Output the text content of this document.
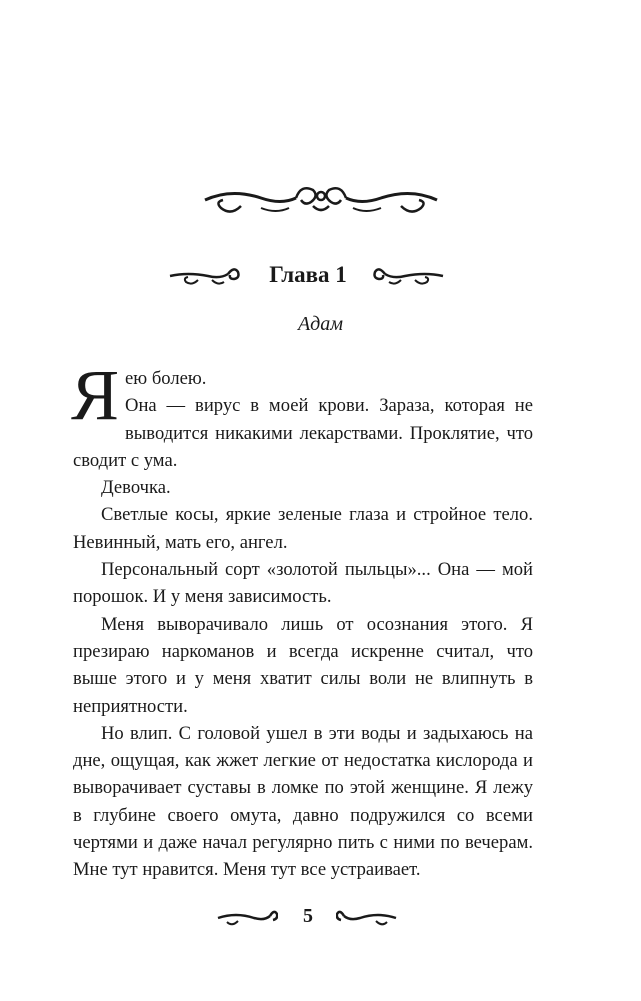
Глава 1
Адам

Яею болею.
Она — вирус в моей крови. Зараза, которая не выводится никакими лекарствами. Проклятие, что сводит с ума.

Девочка.

Светлые косы, яркие зеленые глаза и стройное тело. Невинный, мать его, ангел.

Персональный сорт «золотой пыльцы»... Она — мой порошок. И у меня зависимость.

Меня выворачивало лишь от осознания этого. Я презираю наркоманов и всегда искренне считал, что выше этого и у меня хватит силы воли не влипнуть в неприятности.

Но влип. С головой ушел в эти воды и задыхаюсь на дне, ощущая, как жжет легкие от недостатка кислорода и выворачивает суставы в ломке по этой женщине. Я лежу в глубине своего омута, давно подружился со всеми чертями и даже начал регулярно пить с ними по вечерам. Мне тут нравится. Меня тут все устраивает.

5
